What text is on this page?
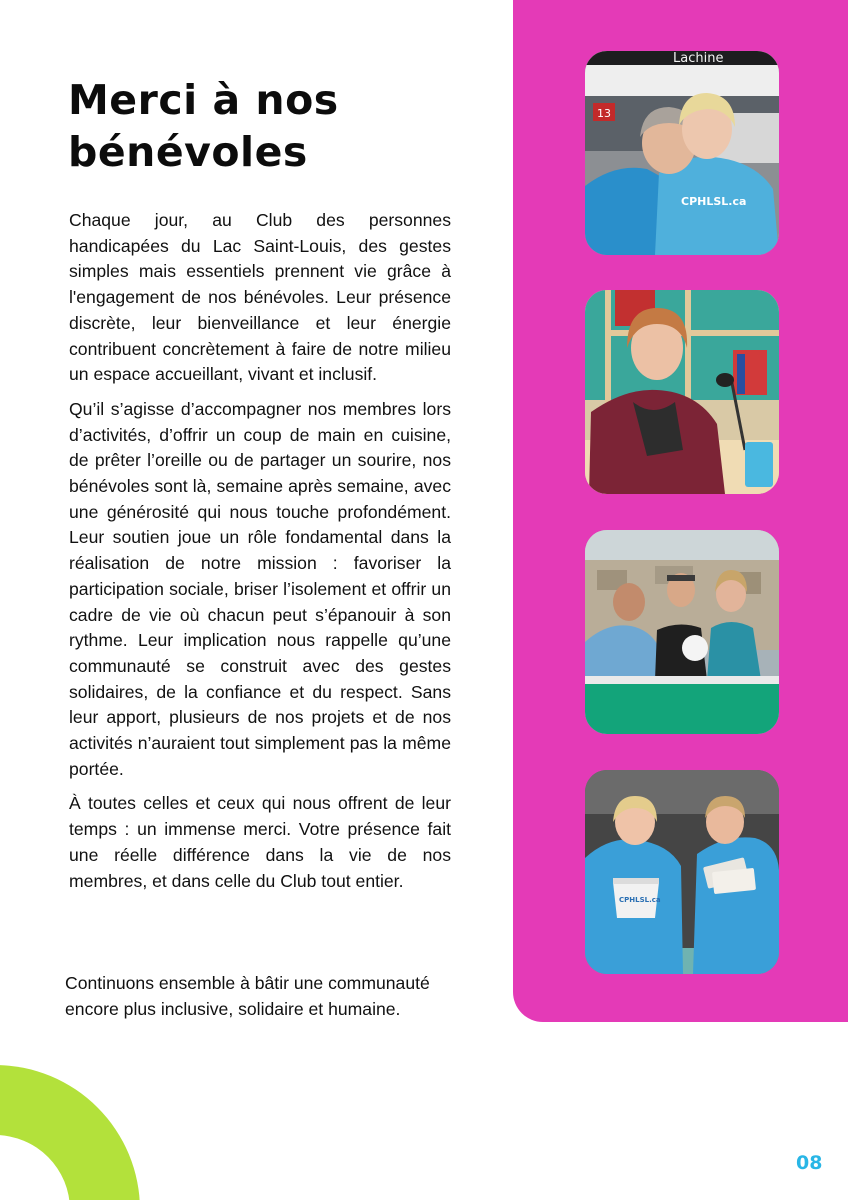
Merci à nos bénévoles

Chaque jour, au Club des personnes handicapées du Lac Saint-Louis, des gestes simples mais essentiels prennent vie grâce à l'engagement de nos bénévoles. Leur présence discrète, leur bienveillance et leur énergie contribuent concrètement à faire de notre milieu un espace accueillant, vivant et inclusif.

Qu’il s’agisse d’accompagner nos membres lors d’activités, d’offrir un coup de main en cuisine, de prêter l’oreille ou de partager un sourire, nos bénévoles sont là, semaine après semaine, avec une générosité qui nous touche profondément. Leur soutien joue un rôle fondamental dans la réalisation de notre mission : favoriser la participation sociale, briser l’isolement et offrir un cadre de vie où chacun peut s’épanouir à son rythme. Leur implication nous rappelle qu’une communauté se construit avec des gestes solidaires, de la confiance et du respect. Sans leur apport, plusieurs de nos projets et de nos activités n’auraient tout simplement pas la même portée.

À toutes celles et ceux qui nous offrent de leur temps : un immense merci. Votre présence fait une réelle différence dans la vie de nos membres, et dans celle du Club tout entier.

Continuons ensemble à bâtir une communauté encore plus inclusive, solidaire et humaine.

Lachine
13
CPHLSL.ca
CPHLSL.ca
08
